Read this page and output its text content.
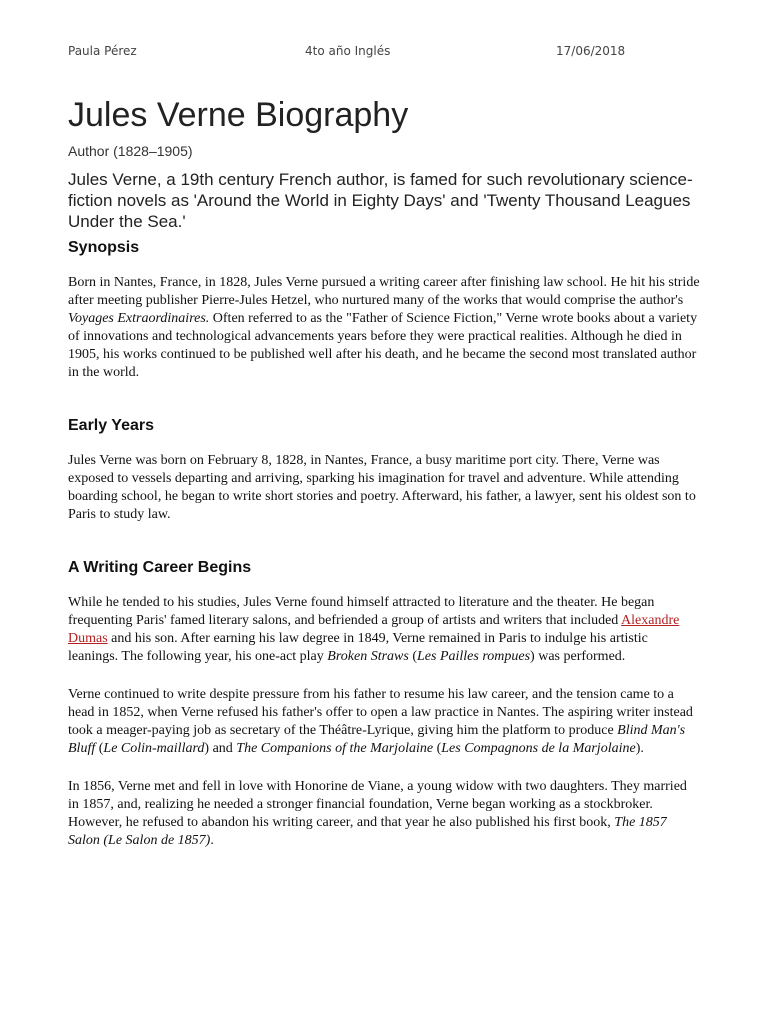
Paula Pérez	4to año Inglés	17/06/2018
Jules Verne Biography

Author (1828–1905)

Jules Verne, a 19th century French author, is famed for such revolutionary science-fiction novels as 'Around the World in Eighty Days' and 'Twenty Thousand Leagues Under the Sea.'

Synopsis

Born in Nantes, France, in 1828, Jules Verne pursued a writing career after finishing law school. He hit his stride after meeting publisher Pierre-Jules Hetzel, who nurtured many of the works that would comprise the author's Voyages Extraordinaires. Often referred to as the "Father of Science Fiction," Verne wrote books about a variety of innovations and technological advancements years before they were practical realities. Although he died in 1905, his works continued to be published well after his death, and he became the second most translated author in the world.

Early Years

Jules Verne was born on February 8, 1828, in Nantes, France, a busy maritime port city. There, Verne was exposed to vessels departing and arriving, sparking his imagination for travel and adventure. While attending boarding school, he began to write short stories and poetry. Afterward, his father, a lawyer, sent his oldest son to Paris to study law.

A Writing Career Begins

While he tended to his studies, Jules Verne found himself attracted to literature and the theater. He began frequenting Paris' famed literary salons, and befriended a group of artists and writers that included Alexandre Dumas and his son. After earning his law degree in 1849, Verne remained in Paris to indulge his artistic leanings. The following year, his one-act play Broken Straws (Les Pailles rompues) was performed.

Verne continued to write despite pressure from his father to resume his law career, and the tension came to a head in 1852, when Verne refused his father's offer to open a law practice in Nantes. The aspiring writer instead took a meager-paying job as secretary of the Théâtre-Lyrique, giving him the platform to produce Blind Man's Bluff (Le Colin-maillard) and The Companions of the Marjolaine (Les Compagnons de la Marjolaine).

In 1856, Verne met and fell in love with Honorine de Viane, a young widow with two daughters. They married in 1857, and, realizing he needed a stronger financial foundation, Verne began working as a stockbroker. However, he refused to abandon his writing career, and that year he also published his first book, The 1857 Salon (Le Salon de 1857).
